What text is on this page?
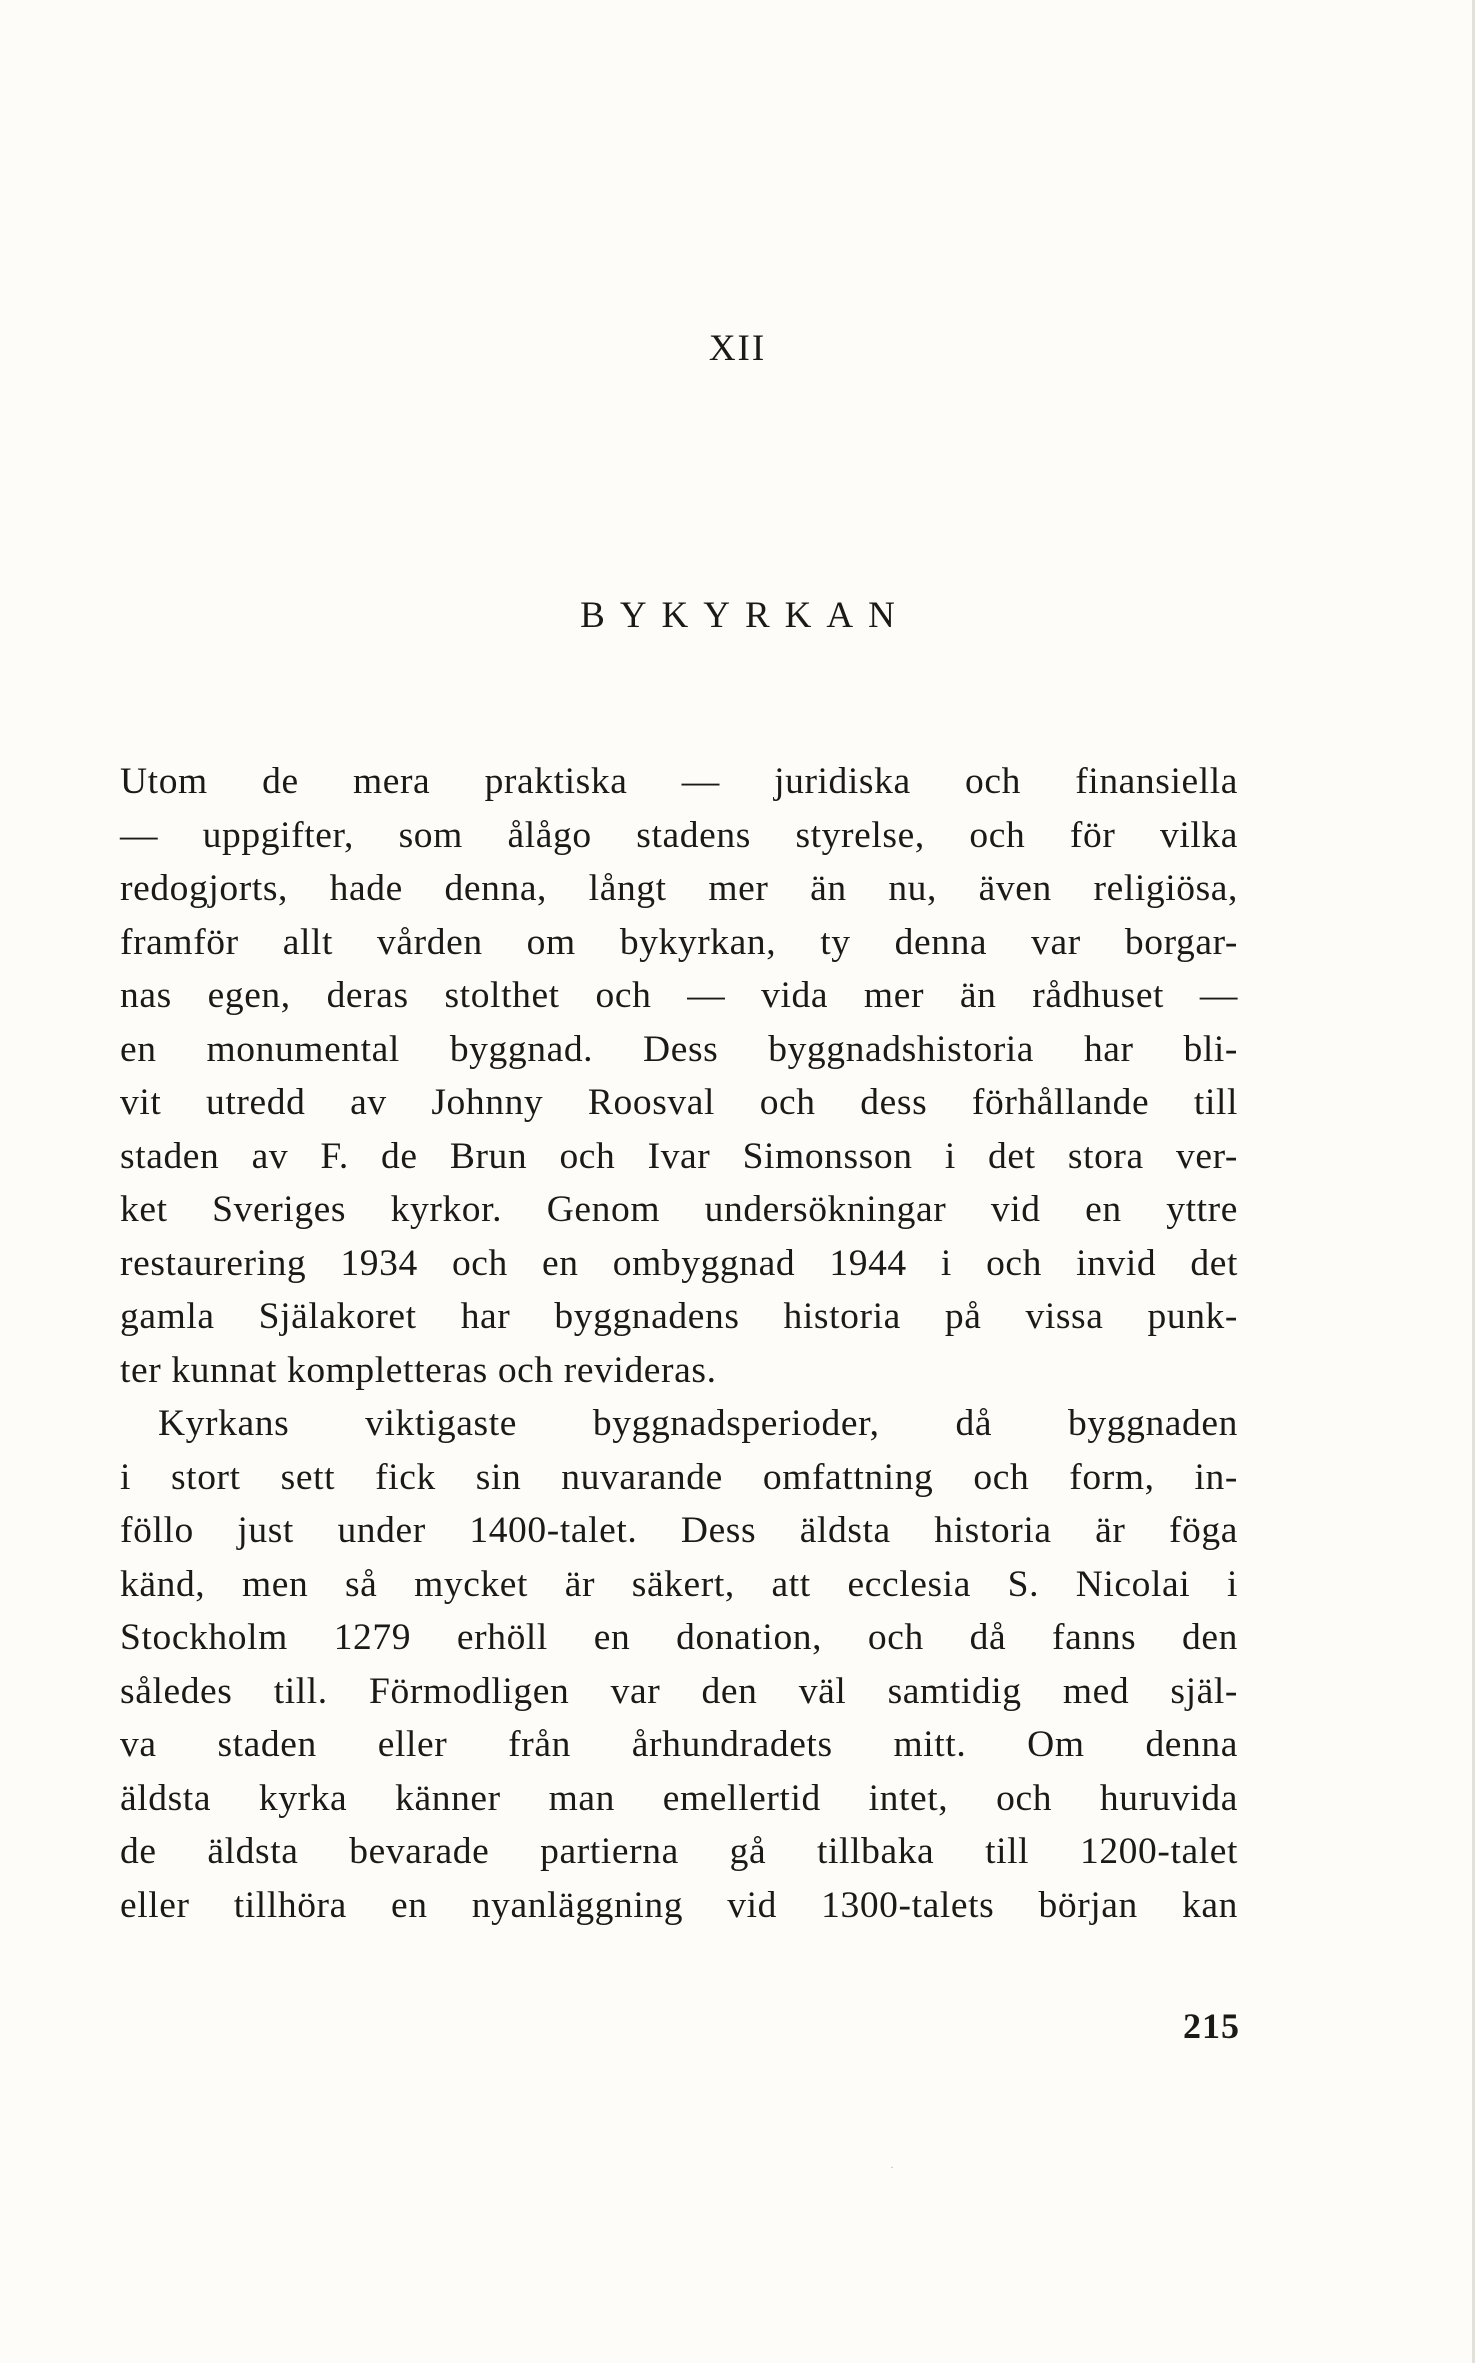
XII
BYKYRKAN
Utom de mera praktiska — juridiska och finansiella
— uppgifter, som ålågo stadens styrelse, och för vilka
redogjorts, hade denna, långt mer än nu, även religiösa,
framför allt vården om bykyrkan, ty denna var borgar-
nas egen, deras stolthet och — vida mer än rådhuset —
en monumental byggnad. Dess byggnadshistoria har bli-
vit utredd av Johnny Roosval och dess förhållande till
staden av F. de Brun och Ivar Simonsson i det stora ver-
ket Sveriges kyrkor. Genom undersökningar vid en yttre
restaurering 1934 och en ombyggnad 1944 i och invid det
gamla Själakoret har byggnadens historia på vissa punk-
ter kunnat kompletteras och revideras.
Kyrkans viktigaste byggnadsperioder, då byggnaden
i stort sett fick sin nuvarande omfattning och form, in-
föllo just under 1400-talet. Dess äldsta historia är föga
känd, men så mycket är säkert, att ecclesia S. Nicolai i
Stockholm 1279 erhöll en donation, och då fanns den
således till. Förmodligen var den väl samtidig med själ-
va staden eller från århundradets mitt. Om denna
äldsta kyrka känner man emellertid intet, och huruvida
de äldsta bevarade partierna gå tillbaka till 1200-talet
eller tillhöra en nyanläggning vid 1300-talets början kan
215
·
